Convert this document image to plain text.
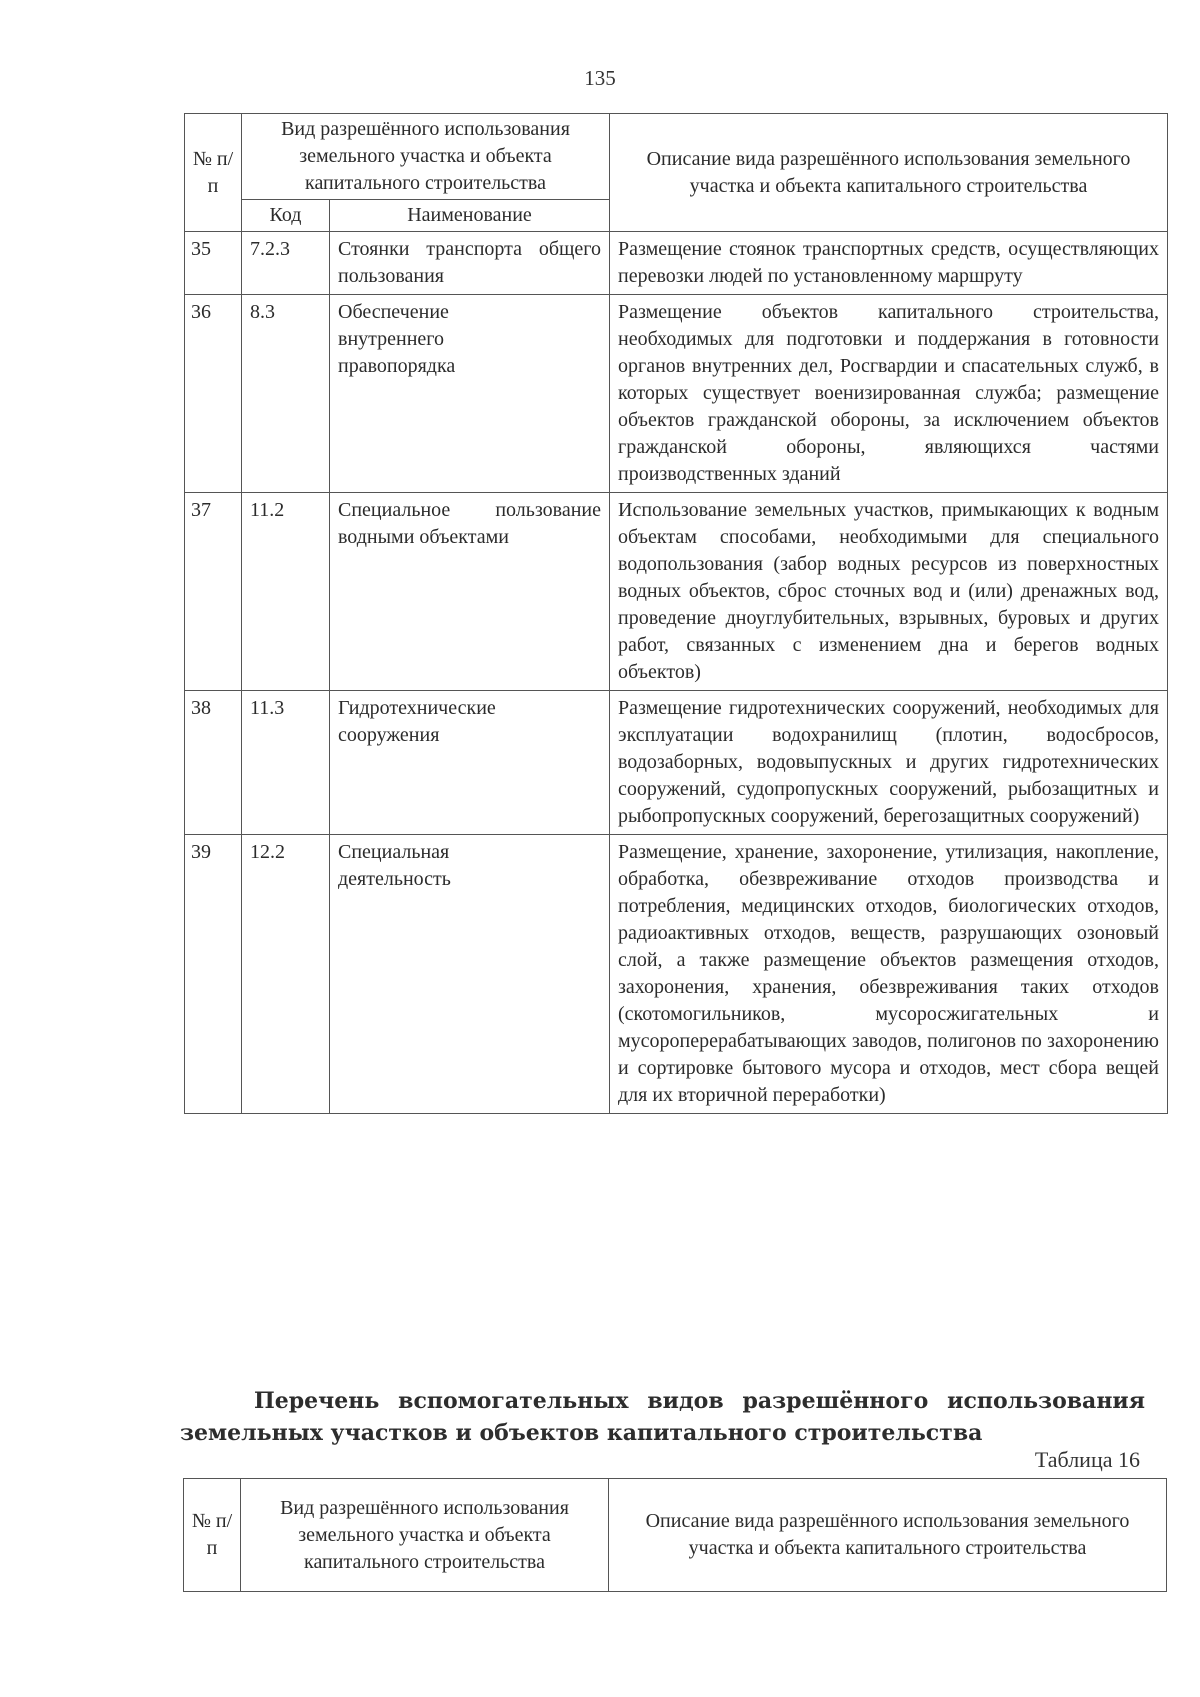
135
№ п/п	Вид разрешённого использования земельного участка и объекта капитального строительства		Описание вида разрешённого использования земельного участка и объекта капитального строительства
	Код	Наименование	
35	7.2.3	Стоянки транспорта общего пользования	Размещение стоянок транспортных средств, осуществляющих перевозки людей по установленному маршруту
36	8.3	Обеспечение внутреннего правопорядка	Размещение объектов капитального строительства, необходимых для подготовки и поддержания в готовности органов внутренних дел, Росгвардии и спасательных служб, в которых существует военизированная служба; размещение объектов гражданской обороны, за исключением объектов гражданской обороны, являющихся частями производственных зданий
37	11.2	Специальное пользование водными объектами	Использование земельных участков, примыкающих к водным объектам способами, необходимыми для специального водопользования (забор водных ресурсов из поверхностных водных объектов, сброс сточных вод и (или) дренажных вод, проведение дноуглубительных, взрывных, буровых и других работ, связанных с изменением дна и берегов водных объектов)
38	11.3	Гидротехнические сооружения	Размещение гидротехнических сооружений, необходимых для эксплуатации водохранилищ (плотин, водосбросов, водозаборных, водовыпускных и других гидротехнических сооружений, судопропускных сооружений, рыбозащитных и рыбопропускных сооружений, берегозащитных сооружений)
39	12.2	Специальная деятельность	Размещение, хранение, захоронение, утилизация, накопление, обработка, обезвреживание отходов производства и потребления, медицинских отходов, биологических отходов, радиоактивных отходов, веществ, разрушающих озоновый слой, а также размещение объектов размещения отходов, захоронения, хранения, обезвреживания таких отходов (скотомогильников, мусоросжигательных и мусороперерабатывающих заводов, полигонов по захоронению и сортировке бытового мусора и отходов, мест сбора вещей для их вторичной переработки)
Перечень вспомогательных видов разрешённого использования
земельных участков и объектов капитального строительства
Таблица 16
№ п/п	Вид разрешённого использования земельного участка и объекта капитального строительства	Описание вида разрешённого использования земельного участка и объекта капитального строительства
